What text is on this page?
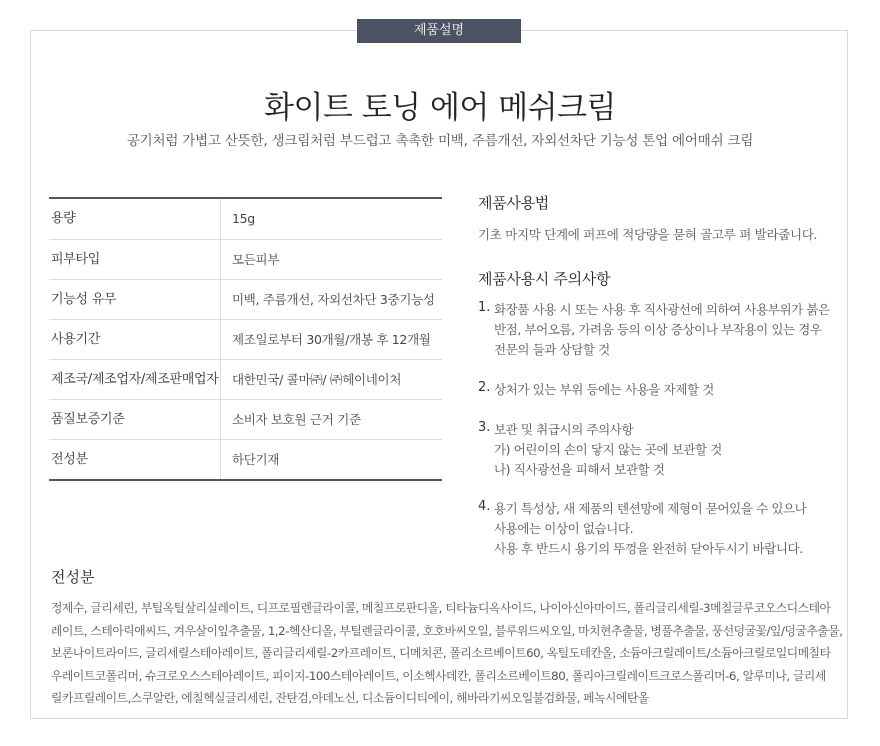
제품설명
화이트 토닝 에어 메쉬크림
공기처럼 가볍고 산뜻한, 생크림처럼 부드럽고 촉촉한 미백, 주름개선, 자외선차단 기능성 톤업 에어매쉬 크림
용량	15g
피부타입	모든피부
기능성 유무	미백, 주름개선, 자외선차단 3중기능성
사용기간	제조일로부터 30개월/개봉 후 12개월
제조국/제조업자/제조판매업자	대한민국/ 콜마㈜/ ㈜헤이네이처
품질보증기준	소비자 보호원 근거 기준
전성분	하단기재
제품사용법
기초 마지막 단계에 퍼프에 적당량을 묻혀 골고루 펴 발라줍니다.
제품사용시 주의사항
1. 화장품 사용 시 또는 사용 후 직사광선에 의하여 사용부위가 붉은
반점, 부어오름, 가려움 등의 이상 증상이나 부작용이 있는 경우
전문의 들과 상담할 것
2. 상처가 있는 부위 등에는 사용을 자제할 것
3. 보관 및 취급시의 주의사항
가) 어린이의 손이 닿지 않는 곳에 보관할 것
나) 직사광선을 피해서 보관할 것
4. 용기 특성상, 새 제품의 텐션망에 제형이 묻어있을 수 있으나
사용에는 이상이 없습니다.
사용 후 반드시 용기의 뚜껑을 완전히 닫아두시기 바랍니다.
전성분
정제수, 글리세린, 부틸옥틸살리실레이트, 디프로필렌글라이콜, 메칠프로판디올, 티타늄디옥사이드, 나이아신아마이드, 폴리글리세릴-3메칠글루코오스디스테아
레이트, 스테아릭애씨드, 겨우살이잎추출물, 1,2-헥산디올, 부틸렌글라이콜, 호호바씨오일, 블루위드씨오일, 마치현추출물, 병풀추출물, 풍선덩굴꽃/잎/덩굴추출물,
보론나이트라이드, 글리세릴스테아레이트, 폴리글리세릴-2카프레이트, 디메치콘, 폴리소르베이트60, 옥틸도데칸올, 소듐아크릴레이트/소듐아크릴로일디메칠타
우레이트코폴리머, 슈크로오스스테아레이트, 피이지-100스테아레이트, 이소헥사데칸, 폴리소르베이트80, 폴리아크릴레이트크로스폴리머-6, 알루미나, 글리세
릴카프릴레이트,스쿠알란, 에칠헥실글리세린, 잔탄검,아데노신, 디소듐이디티에이, 해바라기씨오일불검화물, 페녹시에탄올
